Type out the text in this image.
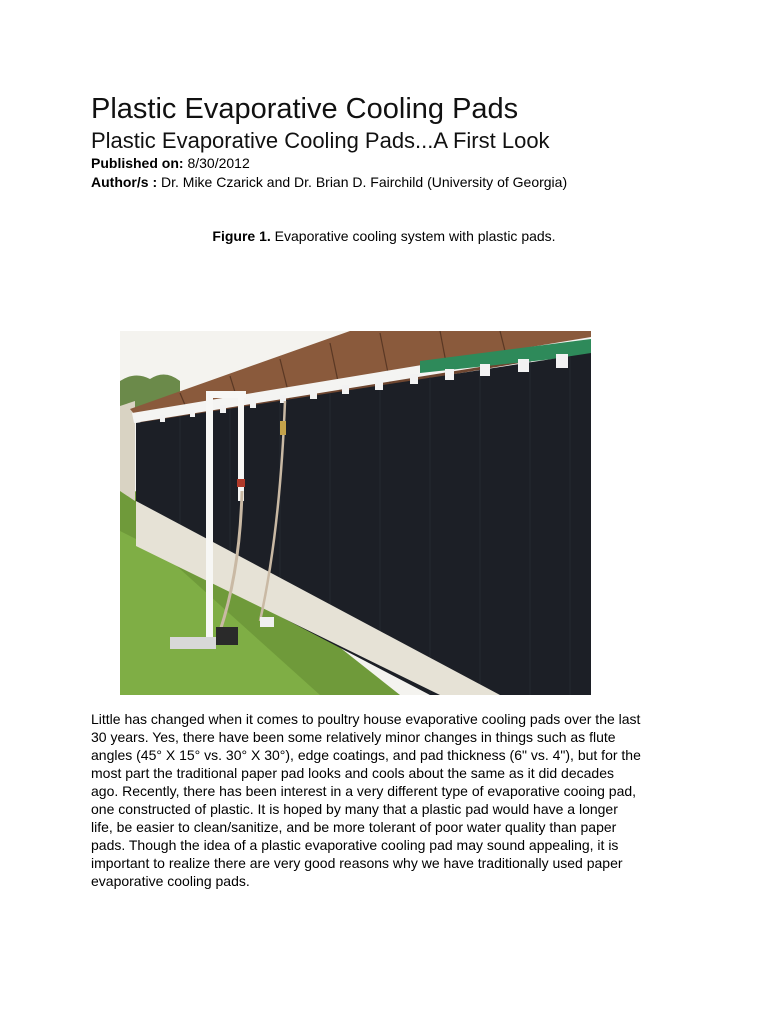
Plastic Evaporative Cooling Pads
Plastic Evaporative Cooling Pads...A First Look
Published on: 8/30/2012
Author/s : Dr. Mike Czarick and Dr. Brian D. Fairchild (University of Georgia)
Figure 1. Evaporative cooling system with plastic pads.
Little has changed when it comes to poultry house evaporative cooling pads over the last
30 years. Yes, there have been some relatively minor changes in things such as flute
angles (45° X 15° vs. 30° X 30°), edge coatings, and pad thickness (6" vs. 4"), but for the
most part the traditional paper pad looks and cools about the same as it did decades
ago. Recently, there has been interest in a very different type of evaporative cooing pad,
one constructed of plastic. It is hoped by many that a plastic pad would have a longer
life, be easier to clean/sanitize, and be more tolerant of poor water quality than paper
pads. Though the idea of a plastic evaporative cooling pad may sound appealing, it is
important to realize there are very good reasons why we have traditionally used paper
evaporative cooling pads.
